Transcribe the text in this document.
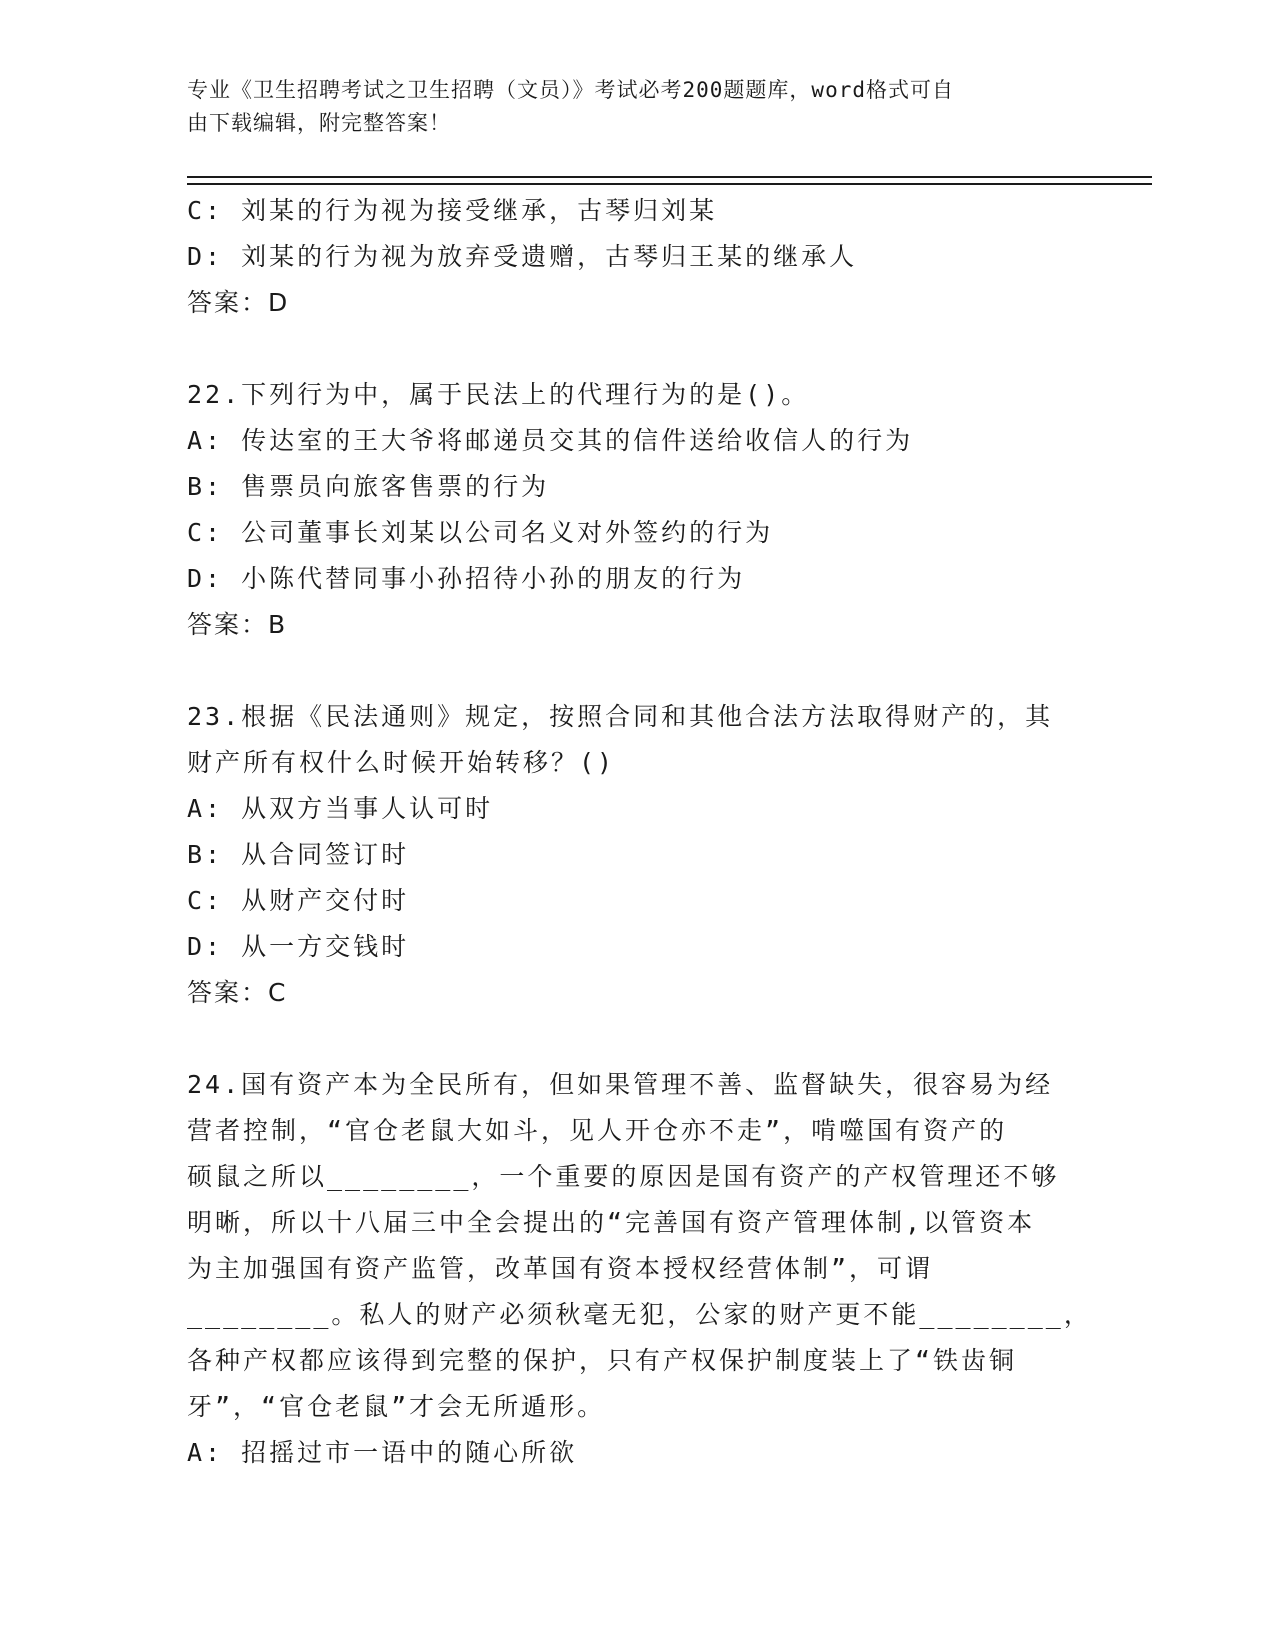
专业《卫生招聘考试之卫生招聘（文员）》考试必考200题题库，word格式可自
由下载编辑，附完整答案！
C: 刘某的行为视为接受继承，古琴归刘某
D: 刘某的行为视为放弃受遗赠，古琴归王某的继承人
答案：D
22.下列行为中，属于民法上的代理行为的是()。
A: 传达室的王大爷将邮递员交其的信件送给收信人的行为
B: 售票员向旅客售票的行为
C: 公司董事长刘某以公司名义对外签约的行为
D: 小陈代替同事小孙招待小孙的朋友的行为
答案：B
23.根据《民法通则》规定，按照合同和其他合法方法取得财产的，其
财产所有权什么时候开始转移？()
A: 从双方当事人认可时
B: 从合同签订时
C: 从财产交付时
D: 从一方交钱时
答案：C
24.国有资产本为全民所有，但如果管理不善、监督缺失，很容易为经
营者控制，“官仓老鼠大如斗，见人开仓亦不走”，啃噬国有资产的
硕鼠之所以________，一个重要的原因是国有资产的产权管理还不够
明晰，所以十八届三中全会提出的“完善国有资产管理体制,以管资本
为主加强国有资产监管，改革国有资本授权经营体制”，可谓
________。私人的财产必须秋毫无犯，公家的财产更不能________，
各种产权都应该得到完整的保护，只有产权保护制度装上了“铁齿铜
牙”，“官仓老鼠”才会无所遁形。
A: 招摇过市一语中的随心所欲
